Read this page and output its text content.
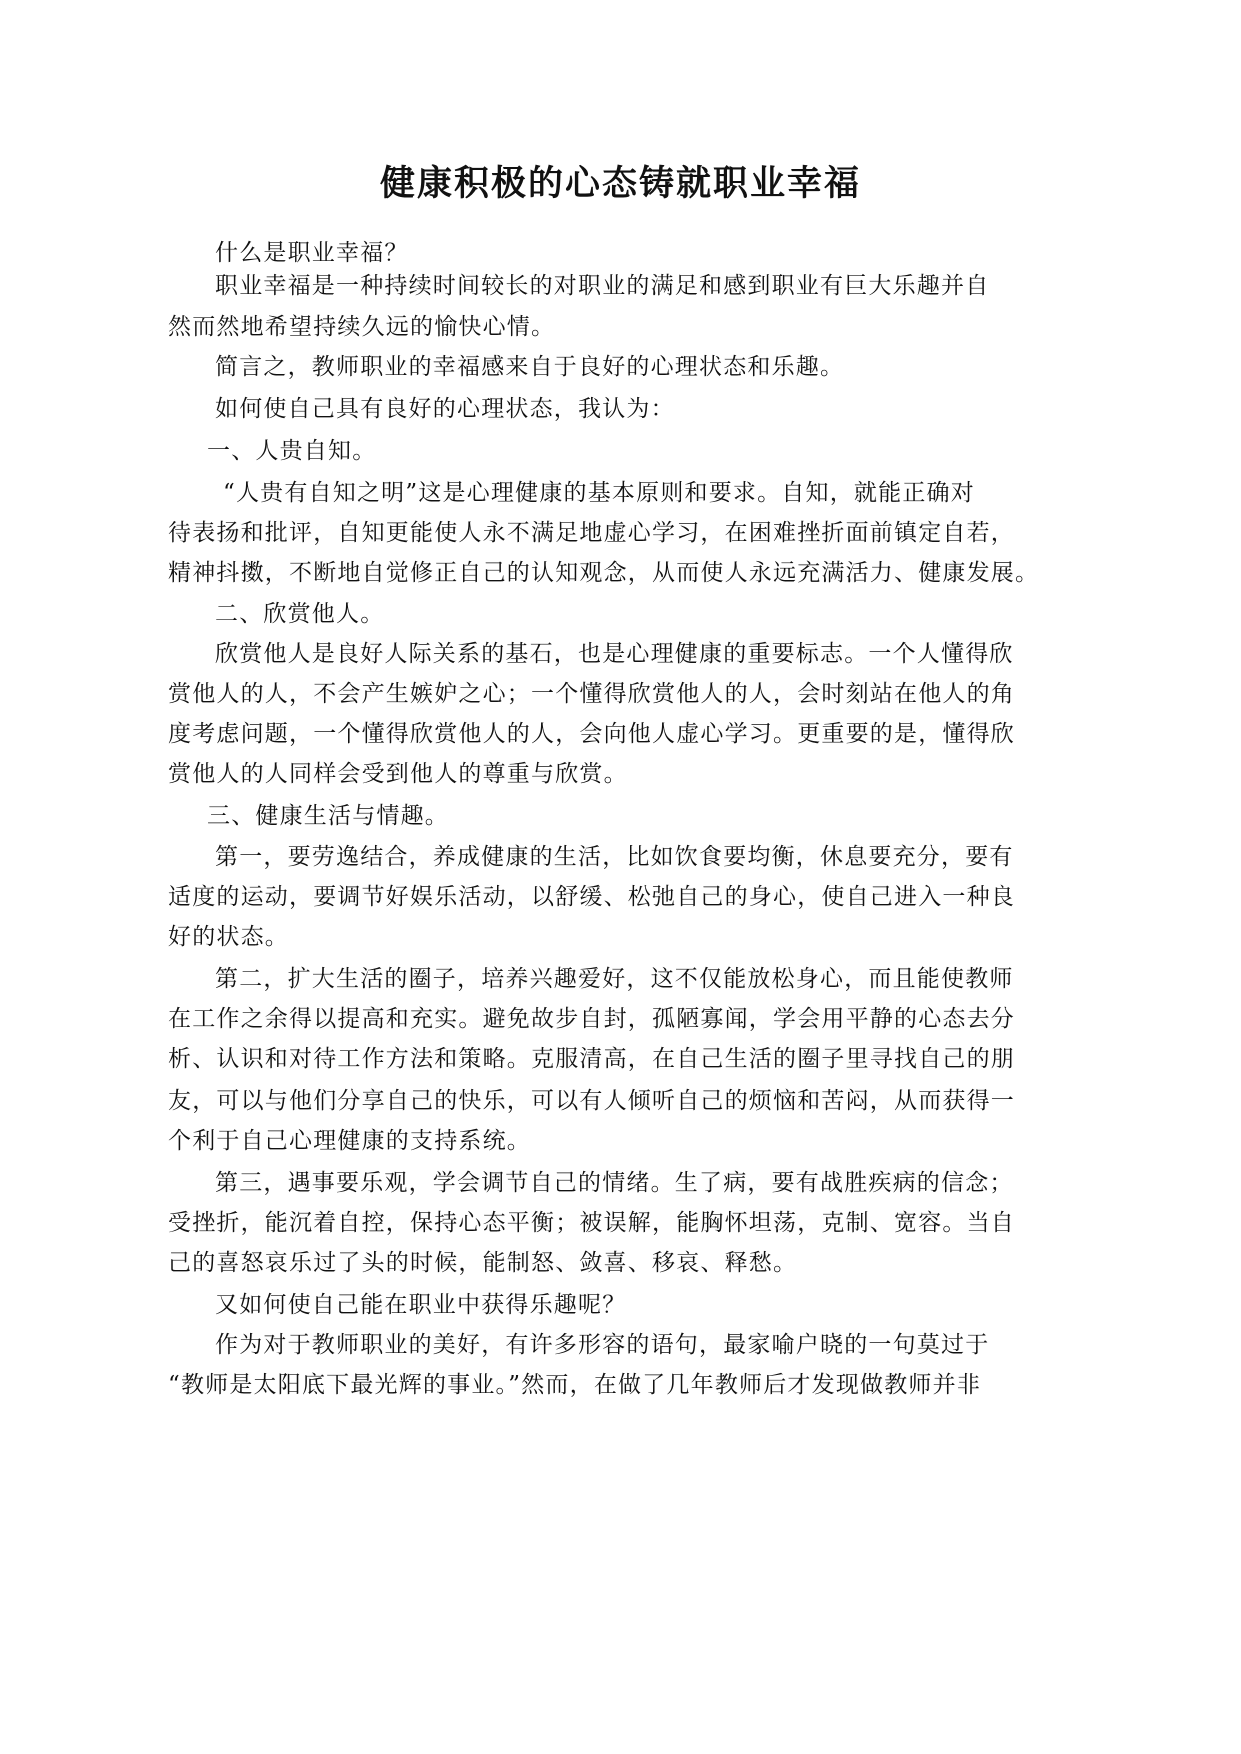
健康积极的心态铸就职业幸福
什么是职业幸福？
职业幸福是一种持续时间较长的对职业的满足和感到职业有巨大乐趣并自
然而然地希望持续久远的愉快心情。
简言之，教师职业的幸福感来自于良好的心理状态和乐趣。
如何使自己具有良好的心理状态，我认为：
一、人贵自知。
“人贵有自知之明”这是心理健康的基本原则和要求。自知，就能正确对
待表扬和批评，自知更能使人永不满足地虚心学习，在困难挫折面前镇定自若，
精神抖擞，不断地自觉修正自己的认知观念，从而使人永远充满活力、健康发展。
二、欣赏他人。
欣赏他人是良好人际关系的基石，也是心理健康的重要标志。一个人懂得欣
赏他人的人，不会产生嫉妒之心；一个懂得欣赏他人的人，会时刻站在他人的角
度考虑问题，一个懂得欣赏他人的人，会向他人虚心学习。更重要的是，懂得欣
赏他人的人同样会受到他人的尊重与欣赏。
三、健康生活与情趣。
第一，要劳逸结合，养成健康的生活，比如饮食要均衡，休息要充分，要有
适度的运动，要调节好娱乐活动，以舒缓、松弛自己的身心，使自己进入一种良
好的状态。
第二，扩大生活的圈子，培养兴趣爱好，这不仅能放松身心，而且能使教师
在工作之余得以提高和充实。避免故步自封，孤陋寡闻，学会用平静的心态去分
析、认识和对待工作方法和策略。克服清高，在自己生活的圈子里寻找自己的朋
友，可以与他们分享自己的快乐，可以有人倾听自己的烦恼和苦闷，从而获得一
个利于自己心理健康的支持系统。
第三，遇事要乐观，学会调节自己的情绪。生了病，要有战胜疾病的信念；
受挫折，能沉着自控，保持心态平衡；被误解，能胸怀坦荡，克制、宽容。当自
己的喜怒哀乐过了头的时候，能制怒、敛喜、移哀、释愁。
又如何使自己能在职业中获得乐趣呢？
作为对于教师职业的美好，有许多形容的语句，最家喻户晓的一句莫过于
“教师是太阳底下最光辉的事业。”然而，在做了几年教师后才发现做教师并非
